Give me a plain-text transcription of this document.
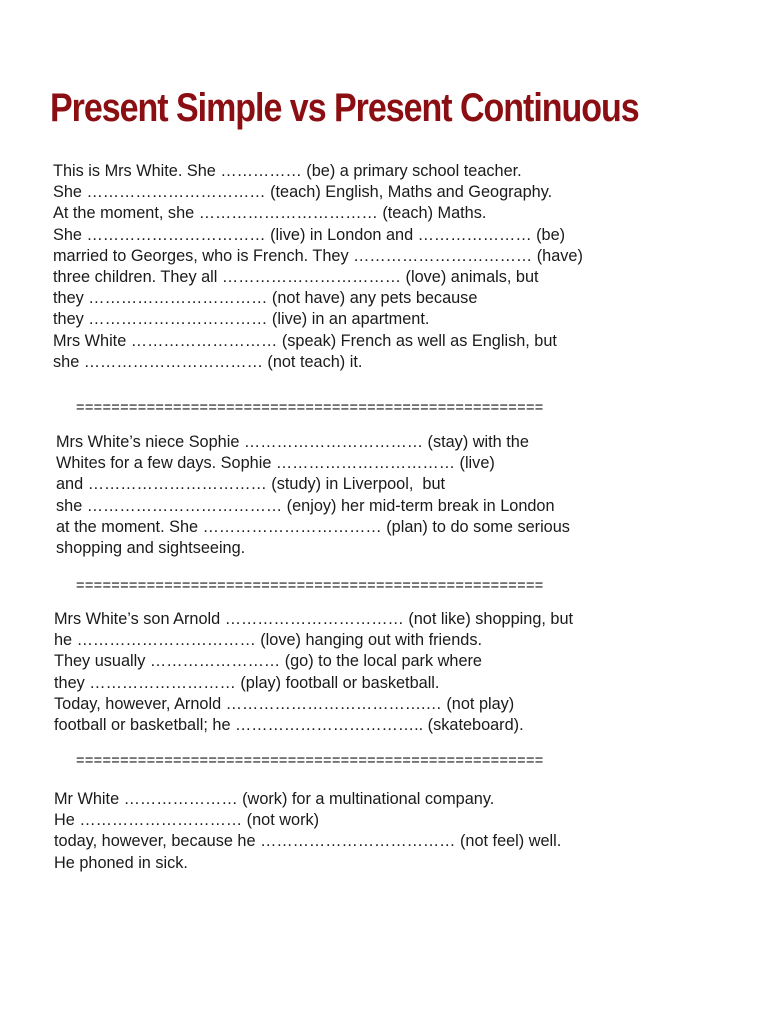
Present Simple vs Present Continuous

This is Mrs White. She …………… (be) a primary school teacher.
She …………………………… (teach) English, Maths and Geography.
At the moment, she …………………………… (teach) Maths.
She …………………………… (live) in London and ………………… (be)
married to Georges, who is French. They …………………………… (have)
three children. They all …………………………… (love) animals, but
they …………………………… (not have) any pets because
they …………………………… (live) in an apartment.
Mrs White ……………………… (speak) French as well as English, but
she …………………………… (not teach) it.

=====================================================

Mrs White’s niece Sophie …………………………… (stay) with the
Whites for a few days. Sophie …………………………… (live)
and …………………………… (study) in Liverpool,  but
she ……………………………… (enjoy) her mid-term break in London
at the moment. She …………………………… (plan) to do some serious
shopping and sightseeing.

=====================================================

Mrs White’s son Arnold …………………………… (not like) shopping, but
he …………………………… (love) hanging out with friends.
They usually …………………… (go) to the local park where
they ……………………… (play) football or basketball.
Today, however, Arnold ……………………………….… (not play)
football or basketball; he …………………………….. (skateboard).

=====================================================

Mr White ………………… (work) for a multinational company.
He ………………………… (not work)
today, however, because he ……………………………… (not feel) well.
He phoned in sick.
